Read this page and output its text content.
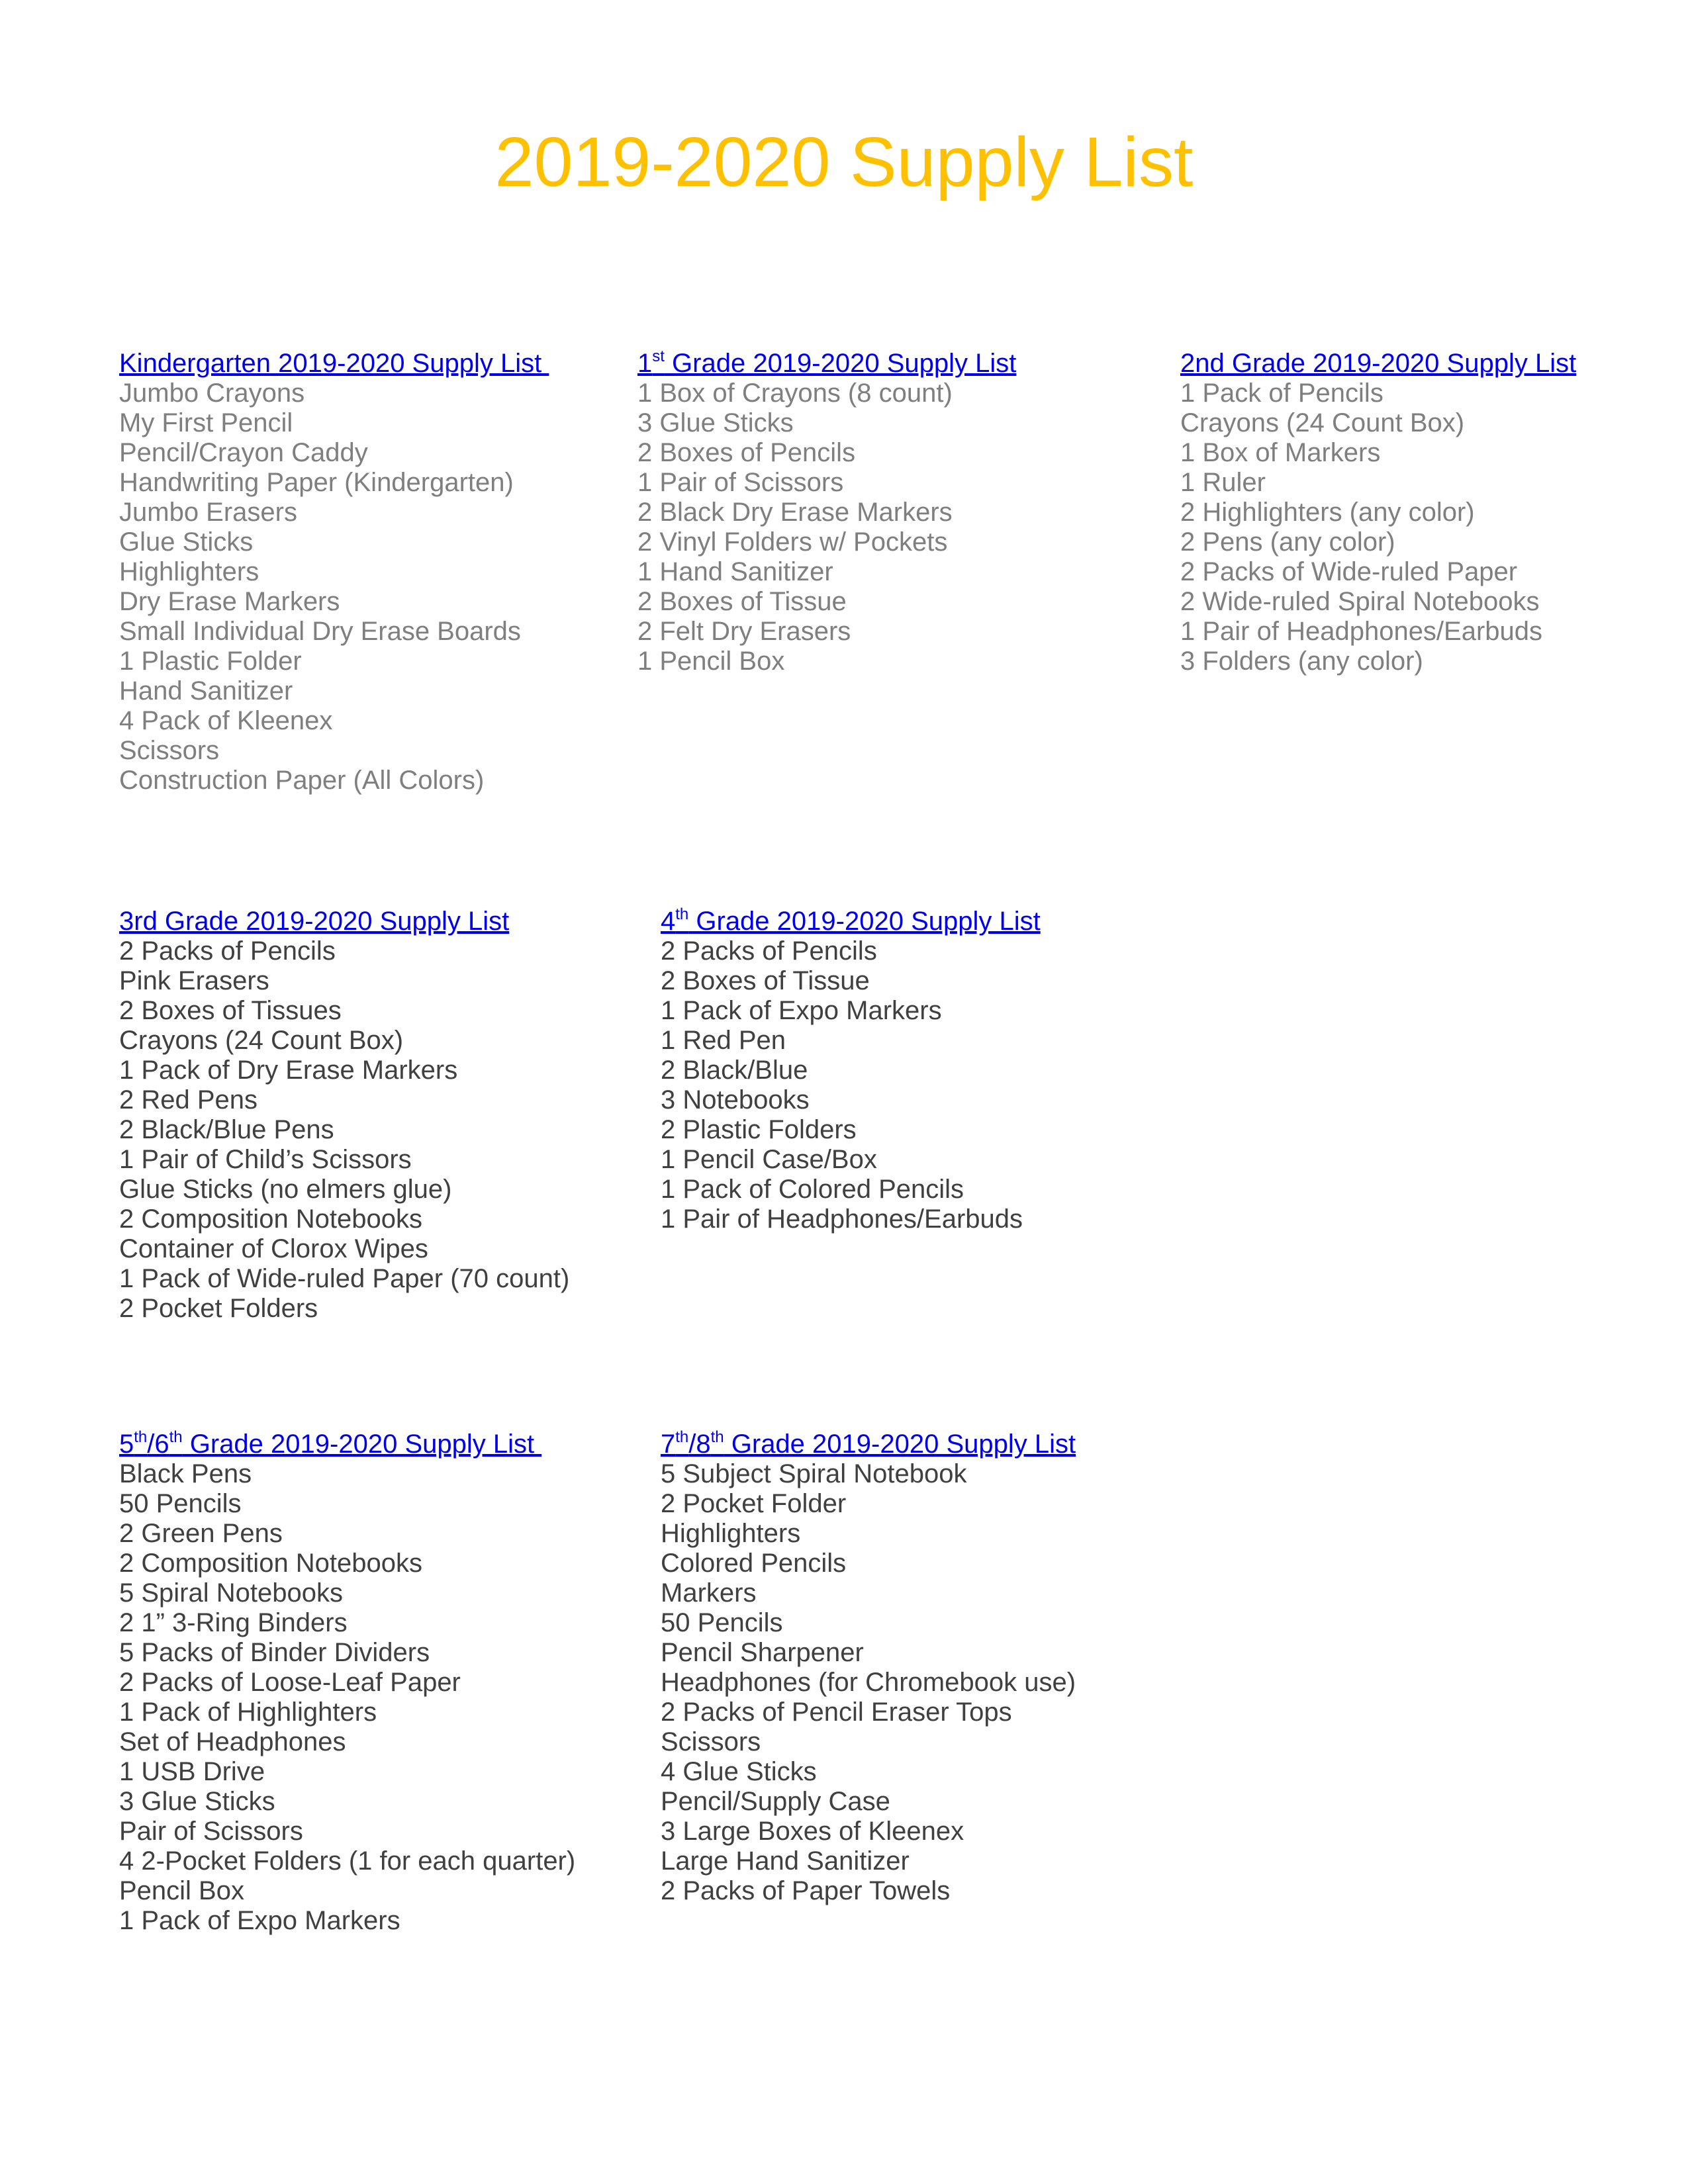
2019-2020 Supply List
Kindergarten 2019-2020 Supply List
Jumbo Crayons
My First Pencil
Pencil/Crayon Caddy
Handwriting Paper (Kindergarten)
Jumbo Erasers
Glue Sticks
Highlighters
Dry Erase Markers
Small Individual Dry Erase Boards
1 Plastic Folder
Hand Sanitizer
4 Pack of Kleenex
Scissors
Construction Paper (All Colors)
1st Grade 2019-2020 Supply List
1 Box of Crayons (8 count)
3 Glue Sticks
2 Boxes of Pencils
1 Pair of Scissors
2 Black Dry Erase Markers
2 Vinyl Folders w/ Pockets
1 Hand Sanitizer
2 Boxes of Tissue
2 Felt Dry Erasers
1 Pencil Box
2nd Grade 2019-2020 Supply List
1 Pack of Pencils
Crayons (24 Count Box)
1 Box of Markers
1 Ruler
2 Highlighters (any color)
2 Pens (any color)
2 Packs of Wide-ruled Paper
2 Wide-ruled Spiral Notebooks
1 Pair of Headphones/Earbuds
3 Folders (any color)
3rd Grade 2019-2020 Supply List
2 Packs of Pencils
Pink Erasers
2 Boxes of Tissues
Crayons (24 Count Box)
1 Pack of Dry Erase Markers
2 Red Pens
2 Black/Blue Pens
1 Pair of Child’s Scissors
Glue Sticks (no elmers glue)
2 Composition Notebooks
Container of Clorox Wipes
1 Pack of Wide-ruled Paper (70 count)
2 Pocket Folders
4th Grade 2019-2020 Supply List
2 Packs of Pencils
2 Boxes of Tissue
1 Pack of Expo Markers
1 Red Pen
2 Black/Blue
3 Notebooks
2 Plastic Folders
1 Pencil Case/Box
1 Pack of Colored Pencils
1 Pair of Headphones/Earbuds
5th/6th Grade 2019-2020 Supply List
Black Pens
50 Pencils
2 Green Pens
2 Composition Notebooks
5 Spiral Notebooks
2 1” 3-Ring Binders
5 Packs of Binder Dividers
2 Packs of Loose-Leaf Paper
1 Pack of Highlighters
Set of Headphones
1 USB Drive
3 Glue Sticks
Pair of Scissors
4 2-Pocket Folders (1 for each quarter)
Pencil Box
1 Pack of Expo Markers
7th/8th Grade 2019-2020 Supply List
5 Subject Spiral Notebook
2 Pocket Folder
Highlighters
Colored Pencils
Markers
50 Pencils
Pencil Sharpener
Headphones (for Chromebook use)
2 Packs of Pencil Eraser Tops
Scissors
4 Glue Sticks
Pencil/Supply Case
3 Large Boxes of Kleenex
Large Hand Sanitizer
2 Packs of Paper Towels
